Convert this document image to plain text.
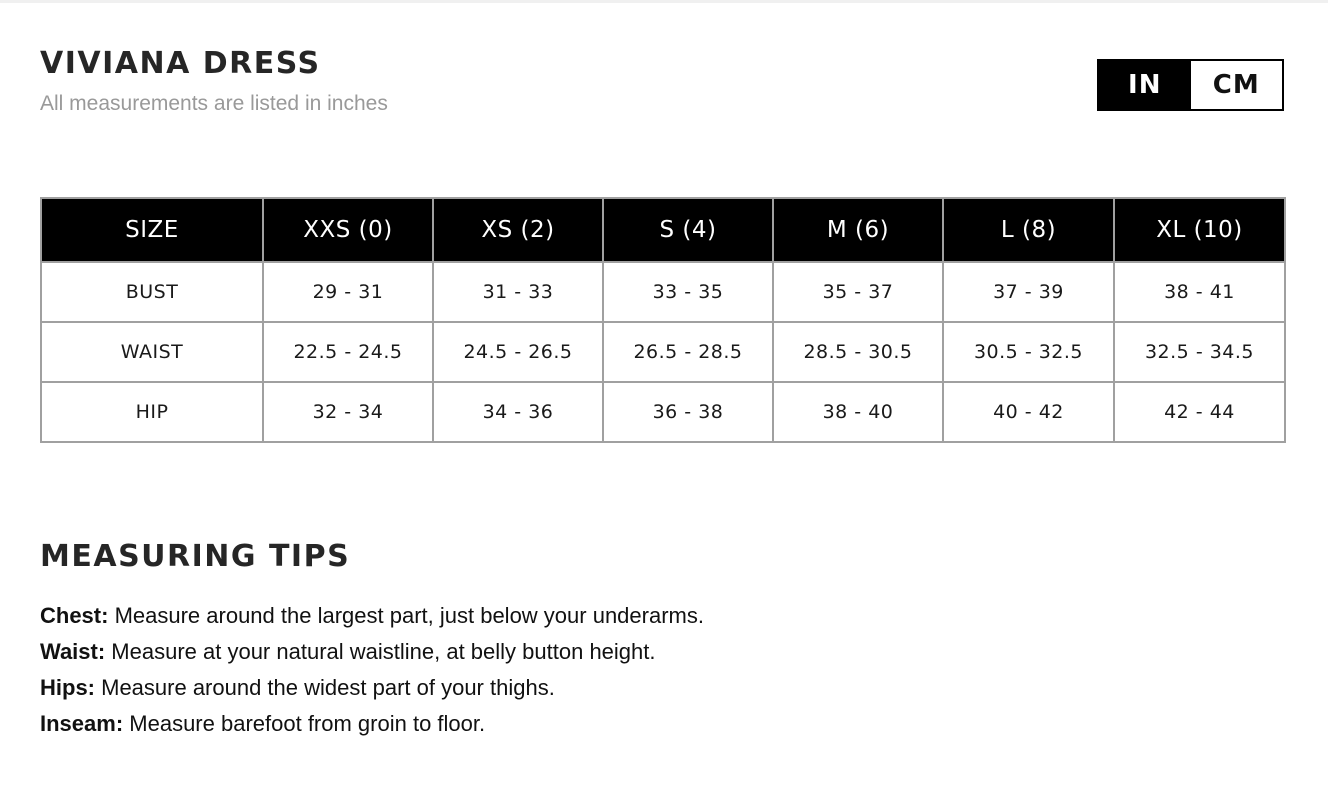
VIVIANA DRESS

All measurements are listed in inches

IN	CM
SIZE	XXS (0)	XS (2)	S (4)	M (6)	L (8)	XL (10)
BUST	29 - 31	31 - 33	33 - 35	35 - 37	37 - 39	38 - 41
WAIST	22.5 - 24.5	24.5 - 26.5	26.5 - 28.5	28.5 - 30.5	30.5 - 32.5	32.5 - 34.5
HIP	32 - 34	34 - 36	36 - 38	38 - 40	40 - 42	42 - 44
MEASURING TIPS
Chest: Measure around the largest part, just below your underarms.
Waist: Measure at your natural waistline, at belly button height.
Hips: Measure around the widest part of your thighs.
Inseam: Measure barefoot from groin to floor.
